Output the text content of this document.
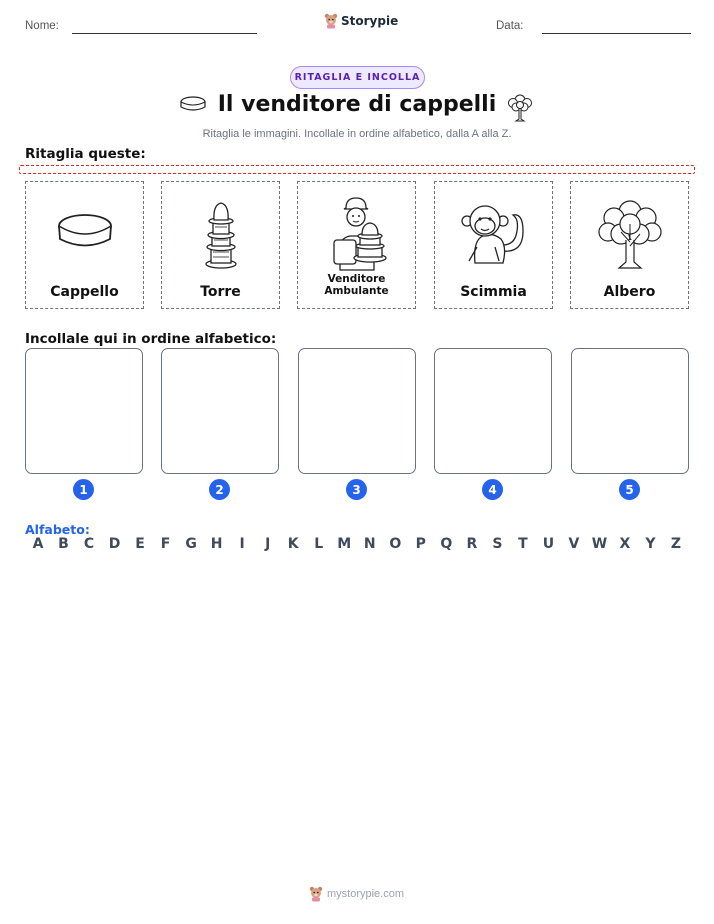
Nome:	Storypie	Data:
RITAGLIA E INCOLLA
Il venditore di cappelli
Ritaglia le immagini. Incollale in ordine alfabetico, dalla A alla Z.
Ritaglia queste:
Cappello	Torre
Venditore Ambulante	Scimmia	Albero
Incollale qui in ordine alfabetico:
1	2	3	4	5
Alfabeto:
A	B	C	D	E	F	G H	I	J	K	L	M N O	P	Q	R	S	T	U	V W X	Y	Z
mystorypie.com
